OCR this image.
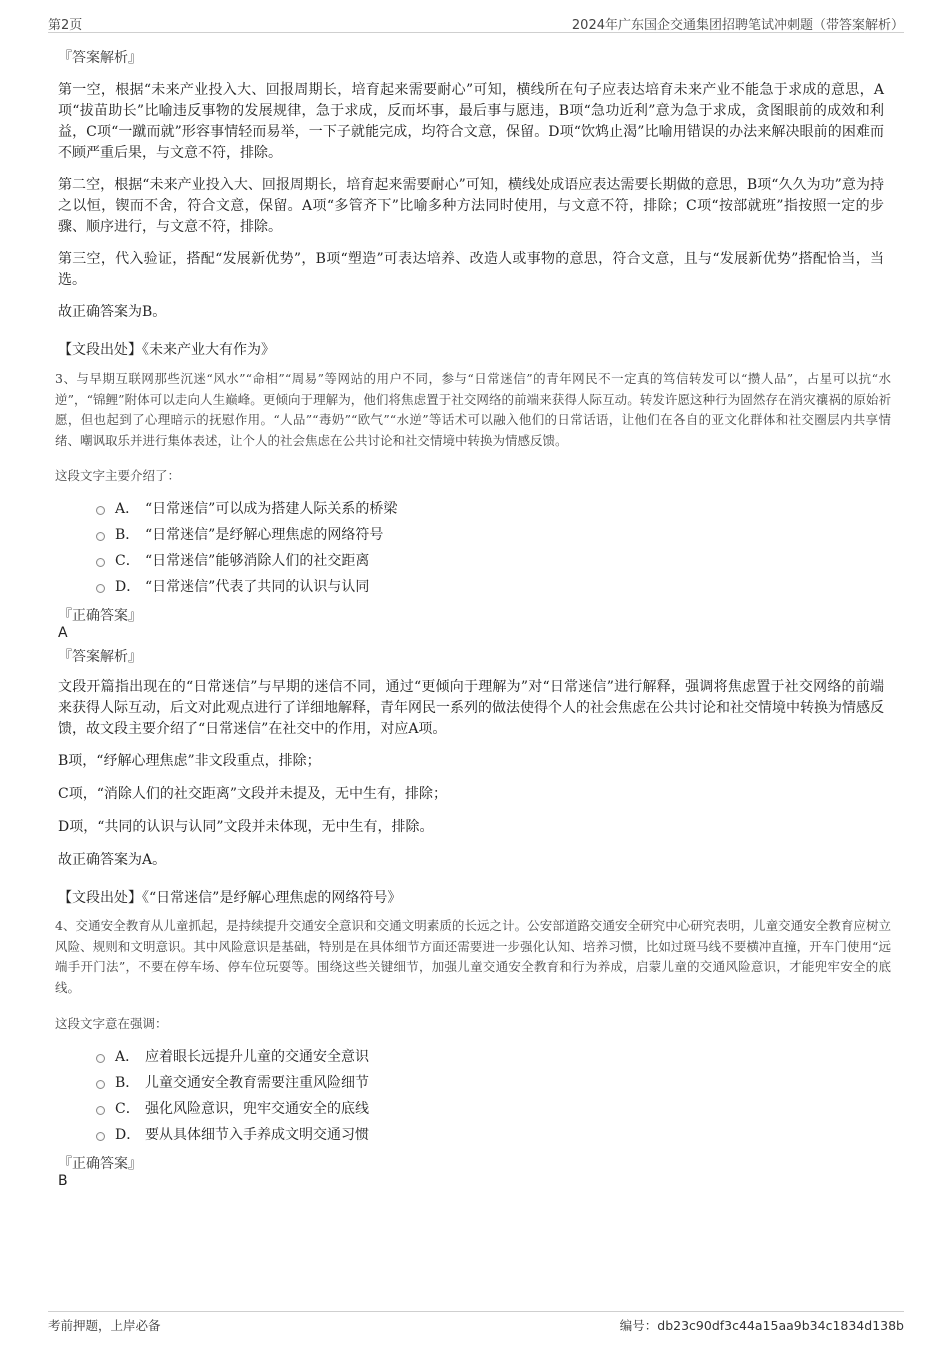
第2页	2024年广东国企交通集团招聘笔试冲刺题（带答案解析）
『答案解析』

第一空，根据“未来产业投入大、回报周期长，培育起来需要耐心”可知，横线所在句子应表达培育未来产业不能急于求成的意思，A项“拔苗助长”比喻违反事物的发展规律，急于求成，反而坏事，最后事与愿违，B项“急功近利”意为急于求成，贪图眼前的成效和利益，C项“一蹴而就”形容事情轻而易举，一下子就能完成，均符合文意，保留。D项“饮鸩止渴”比喻用错误的办法来解决眼前的困难而不顾严重后果，与文意不符，排除。

第二空，根据“未来产业投入大、回报周期长，培育起来需要耐心”可知，横线处成语应表达需要长期做的意思，B项“久久为功”意为持之以恒，锲而不舍，符合文意，保留。A项“多管齐下”比喻多种方法同时使用，与文意不符，排除；C项“按部就班”指按照一定的步骤、顺序进行，与文意不符，排除。

第三空，代入验证，搭配“发展新优势”，B项“塑造”可表达培养、改造人或事物的意思，符合文意，且与“发展新优势”搭配恰当，当选。

故正确答案为B。

【文段出处】《未来产业大有作为》
3、与早期互联网那些沉迷“风水”“命相”“周易”等网站的用户不同，参与“日常迷信”的青年网民不一定真的笃信转发可以“攒人品”，占星可以抗“水逆”，“锦鲤”附体可以走向人生巅峰。更倾向于理解为，他们将焦虑置于社交网络的前端来获得人际互动。转发许愿这种行为固然存在消灾禳祸的原始祈愿，但也起到了心理暗示的抚慰作用。“人品”“毒奶”“欧气”“水逆”等话术可以融入他们的日常话语，让他们在各自的亚文化群体和社交圈层内共享情绪、嘲讽取乐并进行集体表述，让个人的社会焦虑在公共讨论和社交情境中转换为情感反馈。
这段文字主要介绍了：
A． “日常迷信”可以成为搭建人际关系的桥梁
B． “日常迷信”是纾解心理焦虑的网络符号
C． “日常迷信”能够消除人们的社交距离
D． “日常迷信”代表了共同的认识与认同
『正确答案』
A
『答案解析』

文段开篇指出现在的“日常迷信”与早期的迷信不同，通过“更倾向于理解为”对“日常迷信”进行解释，强调将焦虑置于社交网络的前端来获得人际互动，后文对此观点进行了详细地解释，青年网民一系列的做法使得个人的社会焦虑在公共讨论和社交情境中转换为情感反馈，故文段主要介绍了“日常迷信”在社交中的作用，对应A项。

B项，“纾解心理焦虑”非文段重点，排除；

C项，“消除人们的社交距离”文段并未提及，无中生有，排除；

D项，“共同的认识与认同”文段并未体现，无中生有，排除。

故正确答案为A。

【文段出处】《“日常迷信”是纾解心理焦虑的网络符号》
4、交通安全教育从儿童抓起，是持续提升交通安全意识和交通文明素质的长远之计。公安部道路交通安全研究中心研究表明，儿童交通安全教育应树立风险、规则和文明意识。其中风险意识是基础，特别是在具体细节方面还需要进一步强化认知、培养习惯，比如过斑马线不要横冲直撞，开车门使用“远端手开门法”，不要在停车场、停车位玩耍等。围绕这些关键细节，加强儿童交通安全教育和行为养成，启蒙儿童的交通风险意识，才能兜牢安全的底线。
这段文字意在强调：
A． 应着眼长远提升儿童的交通安全意识
B． 儿童交通安全教育需要注重风险细节
C． 强化风险意识，兜牢交通安全的底线
D． 要从具体细节入手养成文明交通习惯
『正确答案』
B
考前押题，上岸必备	编号：db23c90df3c44a15aa9b34c1834d138b
